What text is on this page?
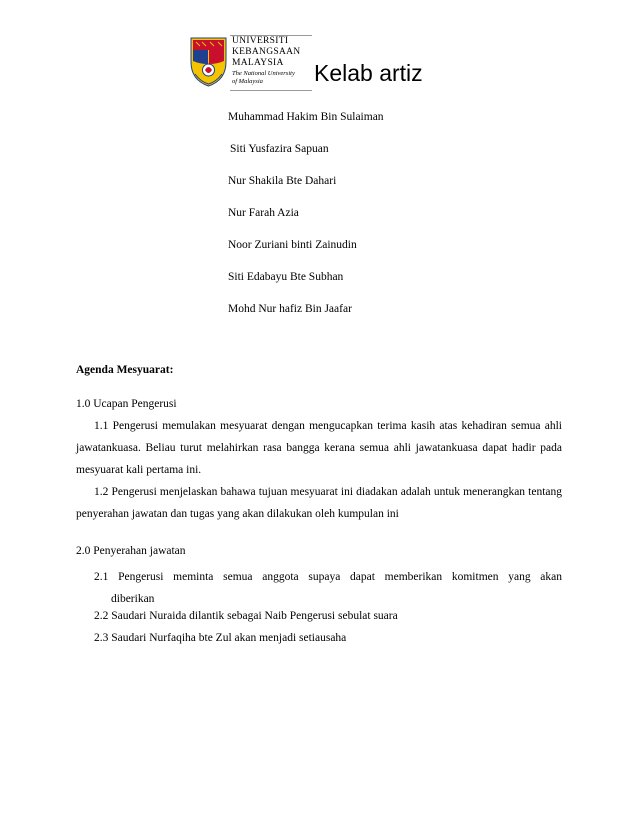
UNIVERSITI
KEBANGSAAN
MALAYSIA
The National University
of Malaysia	Kelab artiz
Muhammad Hakim Bin Sulaiman
Siti Yusfazira Sapuan
Nur Shakila Bte Dahari
Nur Farah Azia
Noor Zuriani binti Zainudin
Siti Edabayu Bte Subhan
Mohd Nur hafiz Bin Jaafar
Agenda Mesyuarat:
1.0 Ucapan Pengerusi
1.1 Pengerusi memulakan mesyuarat dengan mengucapkan terima kasih atas kehadiran semua ahli jawatankuasa. Beliau turut melahirkan rasa bangga kerana semua ahli jawatankuasa dapat hadir pada mesyuarat kali pertama ini.
1.2 Pengerusi menjelaskan bahawa tujuan mesyuarat ini diadakan adalah untuk menerangkan tentang penyerahan jawatan dan tugas yang akan dilakukan oleh kumpulan ini
2.0 Penyerahan jawatan
2.1 Pengerusi meminta semua anggota supaya dapat memberikan komitmen yang akan
diberikan
2.2 Saudari Nuraida dilantik sebagai Naib Pengerusi sebulat suara
2.3 Saudari Nurfaqiha bte Zul akan menjadi setiausaha
